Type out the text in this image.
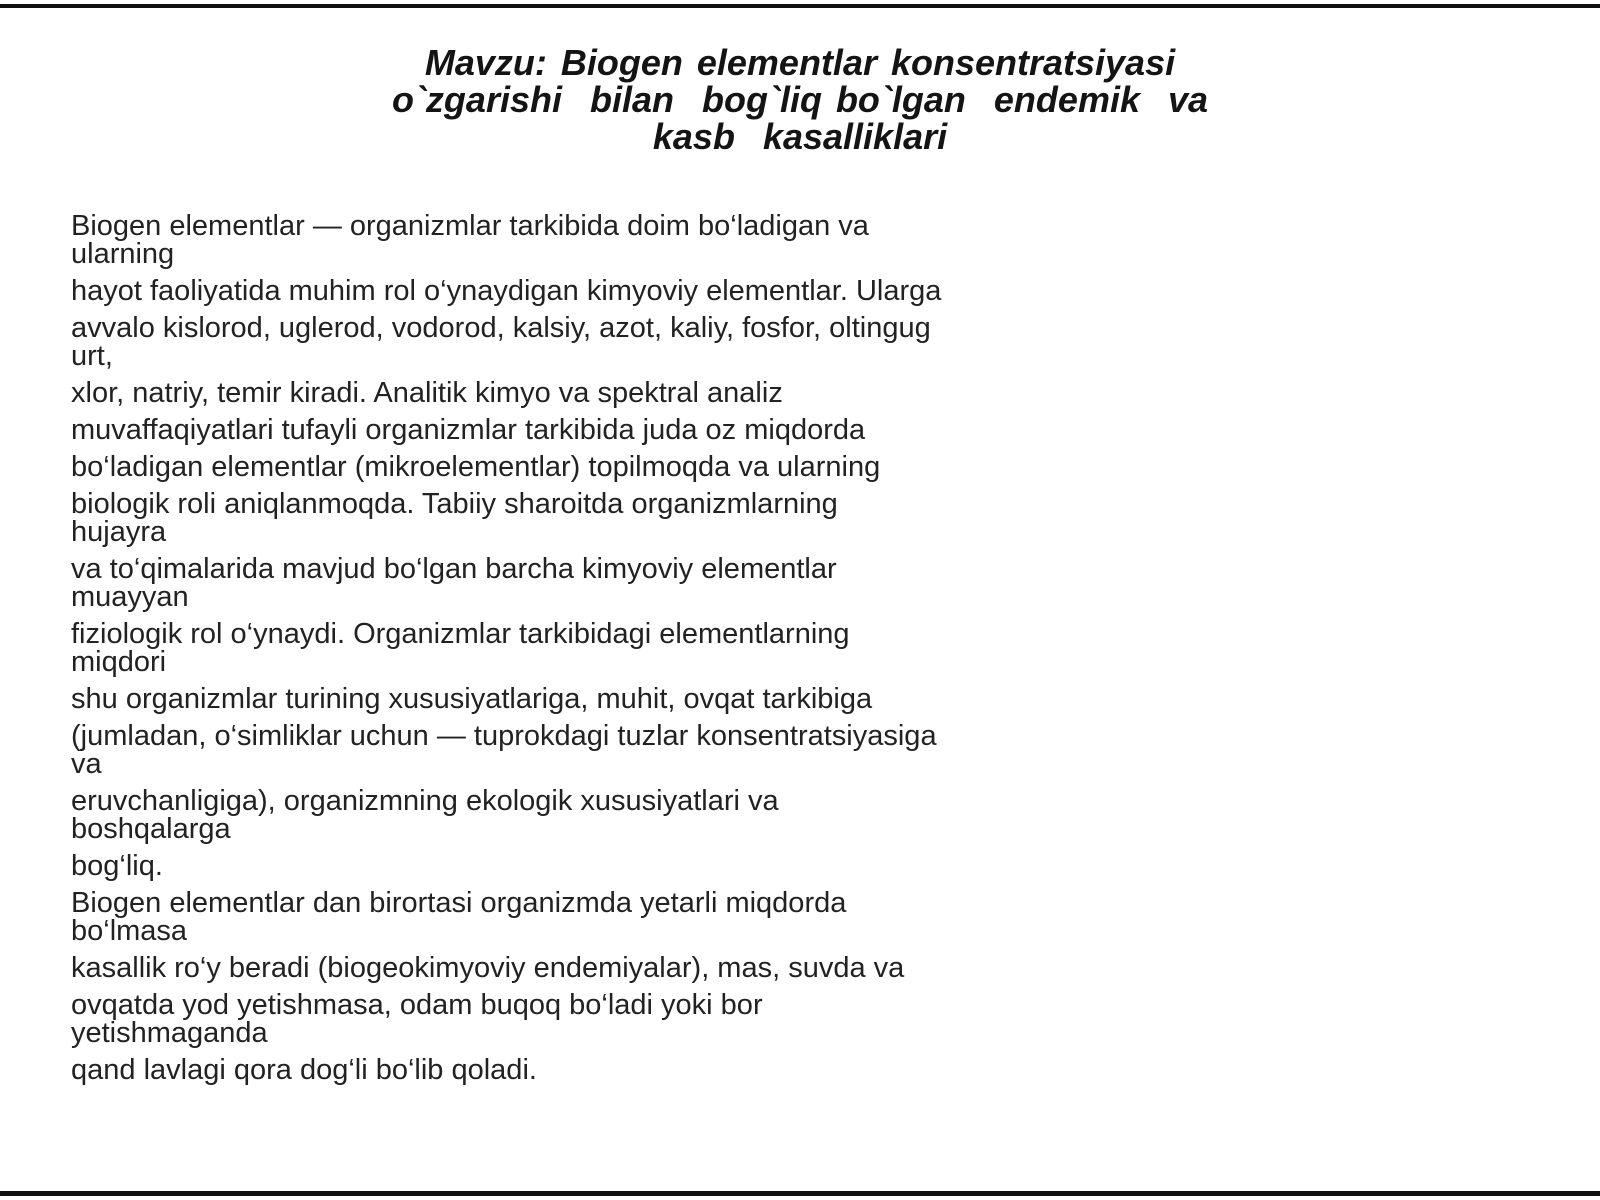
Mavzu: Biogen elementlar konsentratsiyasi
o`zgarishi  bilan  bog`liq bo`lgan  endemik  va
kasb  kasalliklari
Biogen elementlar — organizmlar tarkibida doim bo‘ladigan va
ularning
hayot faoliyatida muhim rol o‘ynaydigan kimyoviy elementlar. Ularga
avvalo kislorod, uglerod, vodorod, kalsiy, azot, kaliy, fosfor, oltingug
urt,
xlor, natriy, temir kiradi. Analitik kimyo va spektral analiz
muvaffaqiyatlari tufayli organizmlar tarkibida juda oz miqdorda
bo‘ladigan elementlar (mikroelementlar) topilmoqda va ularning
biologik roli aniqlanmoqda. Tabiiy sharoitda organizmlarning
hujayra
va to‘qimalarida mavjud bo‘lgan barcha kimyoviy elementlar
muayyan
fiziologik rol o‘ynaydi. Organizmlar tarkibidagi elementlarning
miqdori
shu organizmlar turining xususiyatlariga, muhit, ovqat tarkibiga
(jumladan, o‘simliklar uchun — tuprokdagi tuzlar konsentratsiyasiga
va
eruvchanligiga), organizmning ekologik xususiyatlari va
boshqalarga
bog‘liq.
Biogen elementlar dan birortasi organizmda yetarli miqdorda
bo‘lmasa
kasallik ro‘y beradi (biogeokimyoviy endemiyalar), mas, suvda va
ovqatda yod yetishmasa, odam buqoq bo‘ladi yoki bor
yetishmaganda
qand lavlagi qora dog‘li bo‘lib qoladi.
